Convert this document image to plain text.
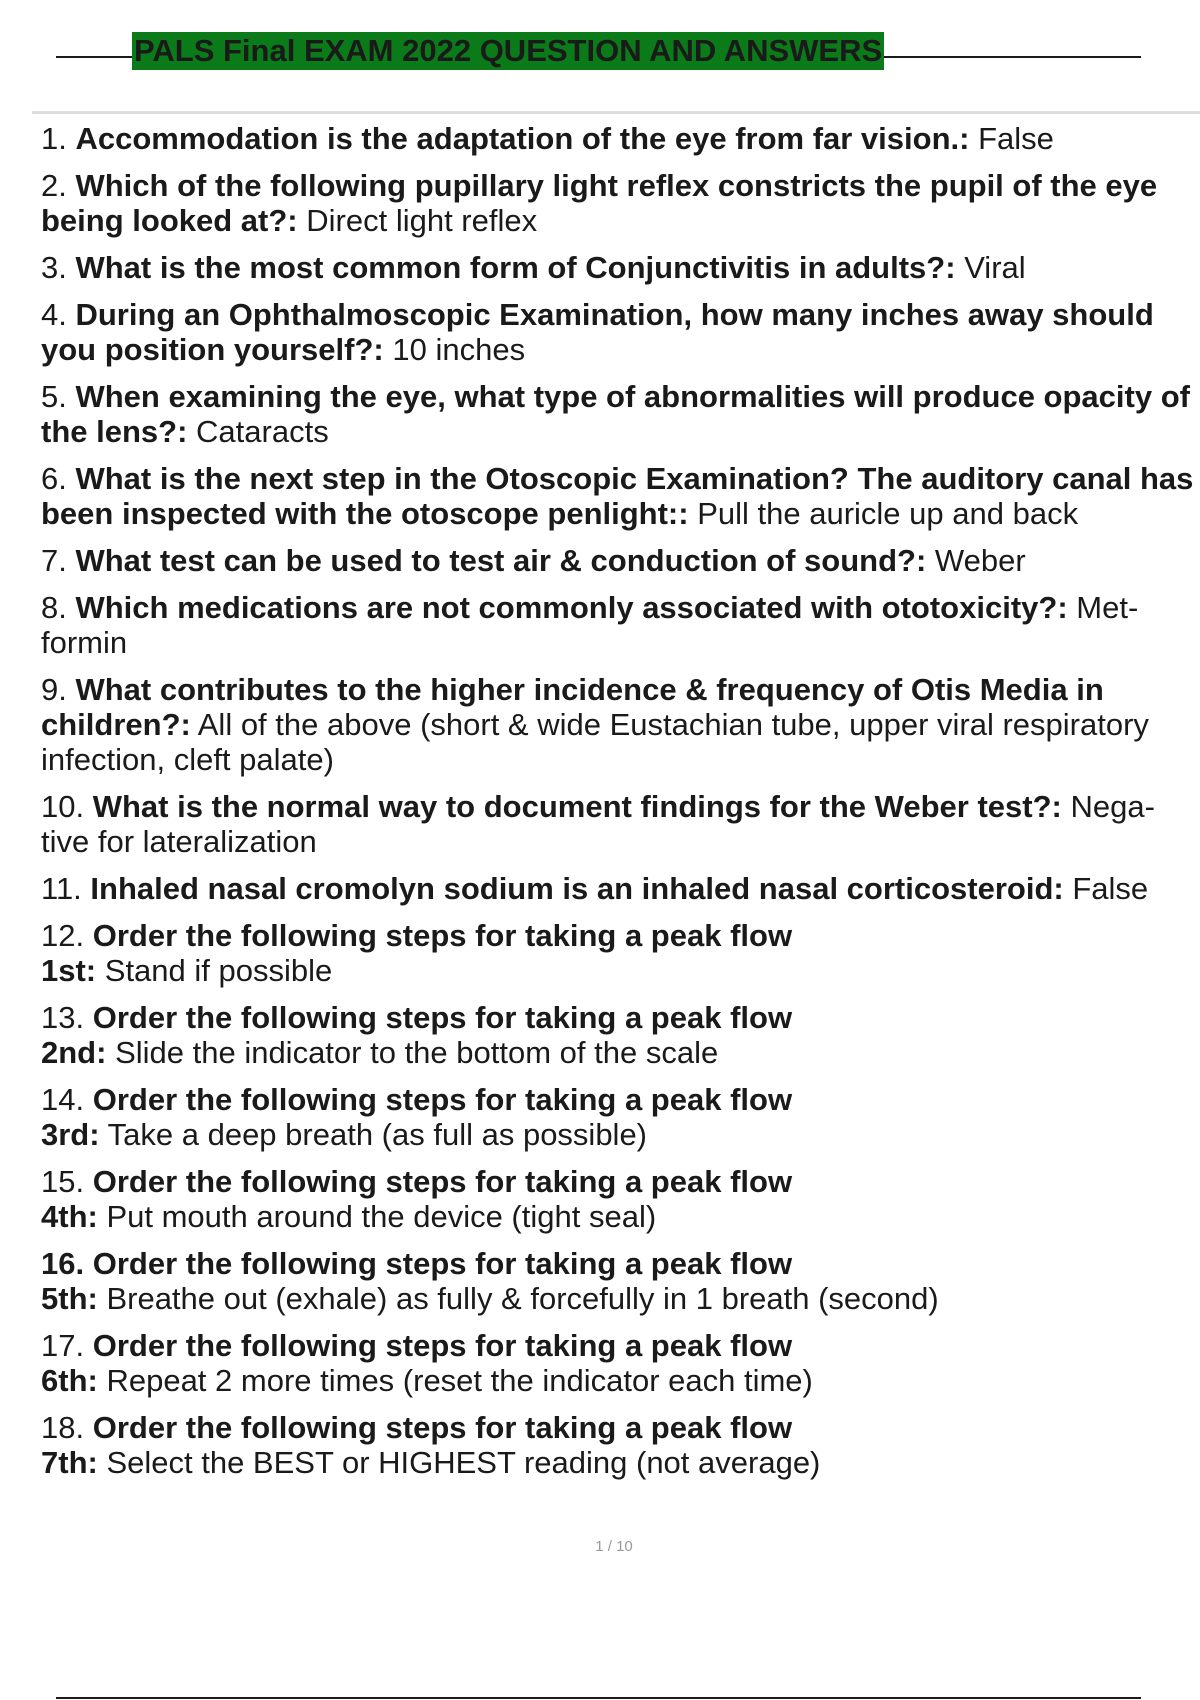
PALS Final EXAM 2022 QUESTION AND ANSWERS
1. Accommodation is the adaptation of the eye from far vision.: False
2. Which of the following pupillary light reflex constricts the pupil of the eye being looked at?: Direct light reflex
3. What is the most common form of Conjunctivitis in adults?: Viral
4. During an Ophthalmoscopic Examination, how many inches away should you position yourself?: 10 inches
5. When examining the eye, what type of abnormalities will produce opacity of the lens?: Cataracts
6. What is the next step in the Otoscopic Examination? The auditory canal has been inspected with the otoscope penlight:: Pull the auricle up and back
7. What test can be used to test air & conduction of sound?: Weber
8. Which medications are not commonly associated with ototoxicity?: Met- formin
9. What contributes to the higher incidence & frequency of Otis Media in children?: All of the above (short & wide Eustachian tube, upper viral respiratory infection, cleft palate)
10. What is the normal way to document findings for the Weber test?: Nega- tive for lateralization
11. Inhaled nasal cromolyn sodium is an inhaled nasal corticosteroid: False
12. Order the following steps for taking a peak flow
1st: Stand if possible
13. Order the following steps for taking a peak flow
2nd: Slide the indicator to the bottom of the scale
14. Order the following steps for taking a peak flow
3rd: Take a deep breath (as full as possible)
15. Order the following steps for taking a peak flow
4th: Put mouth around the device (tight seal)
16. Order the following steps for taking a peak flow
5th: Breathe out (exhale) as fully & forcefully in 1 breath (second)
17. Order the following steps for taking a peak flow
6th: Repeat 2 more times (reset the indicator each time)
18. Order the following steps for taking a peak flow
7th: Select the BEST or HIGHEST reading (not average)
1 / 10
